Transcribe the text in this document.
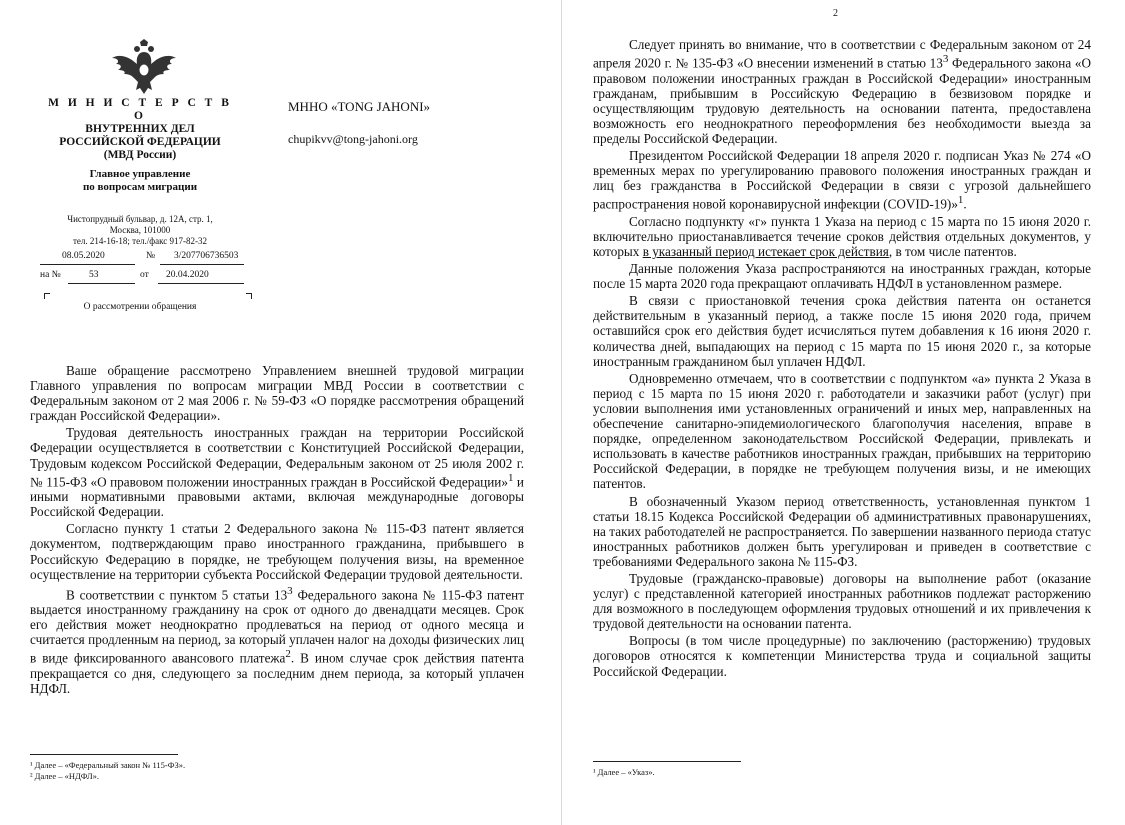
М И Н И С Т Е Р С Т В О
ВНУТРЕННИХ ДЕЛ
РОССИЙСКОЙ ФЕДЕРАЦИИ
(МВД России)
Главное управление
по вопросам миграции
Чистопрудный бульвар, д. 12А, стр. 1,
Москва, 101000
тел. 214-16-18; тел./факс 917-82-32
08.05.2020	№ 3/207706736503
на №	53	от 20.04.2020
О рассмотрении обращения
МННО «TONG JAHONI»
chupikvv@tong-jahoni.org

Ваше обращение рассмотрено Управлением внешней трудовой миграции Главного управления по вопросам миграции МВД России в соответствии с Федеральным законом от 2 мая 2006 г. № 59-ФЗ «О порядке рассмотрения обращений граждан Российской Федерации».

Трудовая деятельность иностранных граждан на территории Российской Федерации осуществляется в соответствии с Конституцией Российской Федерации, Трудовым кодексом Российской Федерации, Федеральным законом от 25 июля 2002 г. № 115-ФЗ «О правовом положении иностранных граждан в Российской Федерации»$^1$ и иными нормативными правовыми актами, включая международные договоры Российской Федерации.

Согласно пункту 1 статьи 2 Федерального закона № 115-ФЗ патент является документом, подтверждающим право иностранного гражданина, прибывшего в Российскую Федерацию в порядке, не требующем получения визы, на временное осуществление на территории субъекта Российской Федерации трудовой деятельности.

В соответствии с пунктом 5 статьи $13^3$ Федерального закона № 115-ФЗ патент выдается иностранному гражданину на срок от одного до двенадцати месяцев. Срок его действия может неоднократно продлеваться на период от одного месяца и считается продленным на период, за который уплачен налог на доходы физических лиц в виде фиксированного авансового платежа$^2$. В ином случае срок действия патента прекращается со дня, следующего за последним днем периода, за который уплачен НДФЛ.

¹ Далее – «Федеральный закон № 115-ФЗ».
² Далее – «НДФЛ».
2

Следует принять во внимание, что в соответствии с Федеральным законом от 24 апреля 2020 г. № 135-ФЗ «О внесении изменений в статью $13^3$ Федерального закона «О правовом положении иностранных граждан в Российской Федерации» иностранным гражданам, прибывшим в Российскую Федерацию в безвизовом порядке и осуществляющим трудовую деятельность на основании патента, предоставлена возможность его неоднократного переоформления без необходимости выезда за пределы Российской Федерации.

Президентом Российской Федерации 18 апреля 2020 г. подписан Указ № 274 «О временных мерах по урегулированию правового положения иностранных граждан и лиц без гражданства в Российской Федерации в связи с угрозой дальнейшего распространения новой коронавирусной инфекции (COVID-19)»$^1$.

Согласно подпункту «г» пункта 1 Указа на период с 15 марта по 15 июня 2020 г. включительно приостанавливается течение сроков действия отдельных документов, у которых в указанный период истекает срок действия, в том числе патентов.

Данные положения Указа распространяются на иностранных граждан, которые после 15 марта 2020 года прекращают оплачивать НДФЛ в установленном размере.

В связи с приостановкой течения срока действия патента он останется действительным в указанный период, а также после 15 июня 2020 года, причем оставшийся срок его действия будет исчисляться путем добавления к 16 июня 2020 г. количества дней, выпадающих на период с 15 марта по 15 июня 2020 г., за которые иностранным гражданином был уплачен НДФЛ.

Одновременно отмечаем, что в соответствии с подпунктом «а» пункта 2 Указа в период с 15 марта по 15 июня 2020 г. работодатели и заказчики работ (услуг) при условии выполнения ими установленных ограничений и иных мер, направленных на обеспечение санитарно-эпидемиологического благополучия населения, вправе в порядке, определенном законодательством Российской Федерации, привлекать и использовать в качестве работников иностранных граждан, прибывших на территорию Российской Федерации, в порядке не требующем получения визы, и не имеющих патентов.

В обозначенный Указом период ответственность, установленная пунктом 1 статьи 18.15 Кодекса Российской Федерации об административных правонарушениях, на таких работодателей не распространяется. По завершении названного периода статус иностранных работников должен быть урегулирован и приведен в соответствие с требованиями Федерального закона № 115-ФЗ.

Трудовые (гражданско-правовые) договоры на выполнение работ (оказание услуг) с представленной категорией иностранных работников подлежат расторжению для возможного в последующем оформления трудовых отношений и их привлечения к трудовой деятельности на основании патента.

Вопросы (в том числе процедурные) по заключению (расторжению) трудовых договоров относятся к компетенции Министерства труда и социальной защиты Российской Федерации.

¹ Далее – «Указ».
